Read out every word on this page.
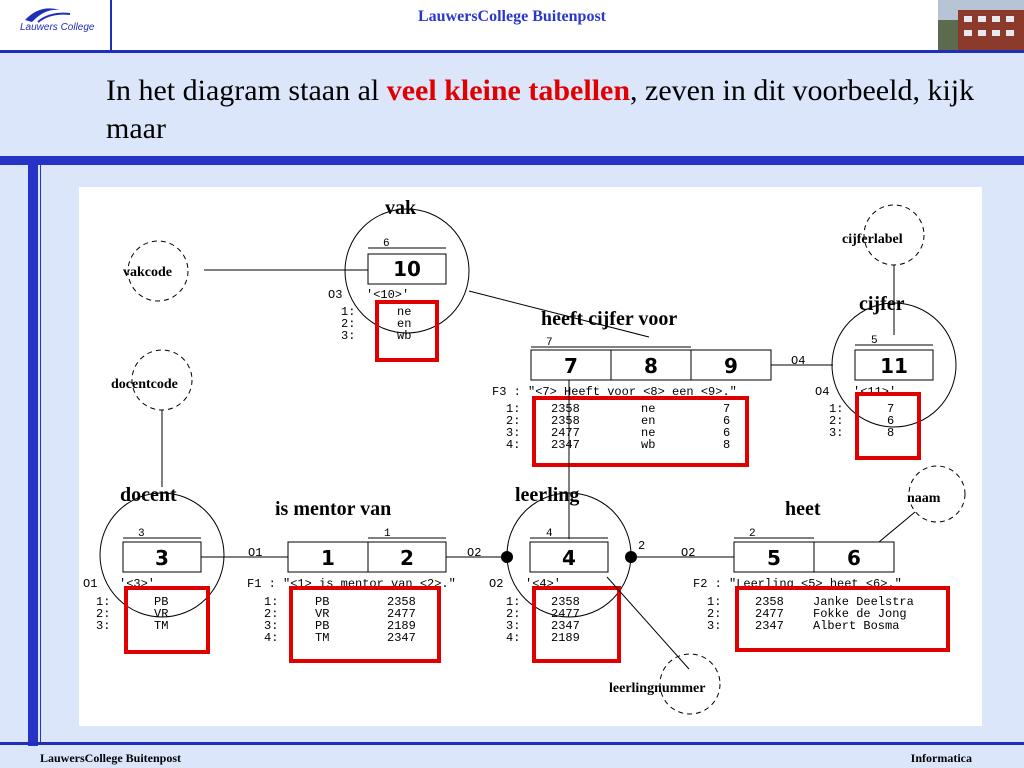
Lauwers College
LauwersCollege Buitenpost
In het diagram staan al veel kleine tabellen, zeven in dit voorbeeld, kijk maar
vakcode
vak
6
10
O3 '<10>'
1:	ne
2:	en
3:	wb
cijferlabel
heeft cijfer voor
7
7	8	9	O4
F3 : "<7> Heeft voor <8> een <9>."
1:	2358	ne	7
2:	2358	en	6
3:	2477	ne	6
4:	2347	wb	8
cijfer
5
11
O4 '<11>'
1:	7
2:	6
3:	8
docentcode
docent
3
3
O1 '<3>'
1:	PB
2:	VR
3:	TM
O1
is mentor van
1
1	2	O2
F1 : "<1> is mentor van <2>."
1:	PB	2358
2:	VR	2477
3:	PB	2189
4:	TM	2347
leerling
4
4	2	O2
O2 '<4>'
1:	2358
2:	2477
3:	2347
4:	2189
leerlingnummer
heet
2
5	6
naam
F2 : "Leerling <5> heet <6>."
1:	2358 Janke Deelstra
2:	2477 Fokke de Jong
3:	2347 Albert Bosma
LauwersCollege Buitenpost	Informatica
